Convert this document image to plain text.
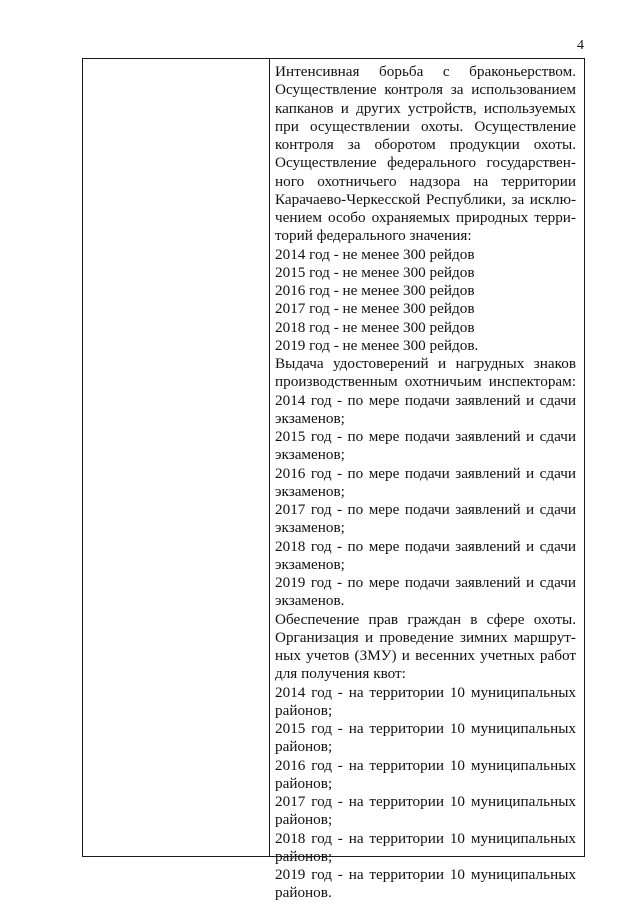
4
Интенсивная борьба с браконьерством.
Осуществление контроля за использованием
капканов и других устройств, используемых
при осуществлении охоты. Осуществление
контроля за оборотом продукции охоты.
Осуществление федерального государствен-
ного охотничьего надзора на территории
Карачаево-Черкесской Республики, за исклю-
чением особо охраняемых природных терри-
торий федерального значения:
2014 год - не менее 300 рейдов
2015 год - не менее 300 рейдов
2016 год - не менее 300 рейдов
2017 год - не менее 300 рейдов
2018 год - не менее 300 рейдов
2019 год - не менее 300 рейдов.
Выдача удостоверений и нагрудных знаков
производственным охотничьим инспекторам:
2014 год - по мере подачи заявлений и сдачи
экзаменов;
2015 год - по мере подачи заявлений и сдачи
экзаменов;
2016 год - по мере подачи заявлений и сдачи
экзаменов;
2017 год - по мере подачи заявлений и сдачи
экзаменов;
2018 год - по мере подачи заявлений и сдачи
экзаменов;
2019 год - по мере подачи заявлений и сдачи
экзаменов.
Обеспечение прав граждан в сфере охоты.
Организация и проведение зимних маршрут-
ных учетов (ЗМУ) и весенних учетных работ
для получения квот:
2014 год - на территории 10 муниципальных
районов;
2015 год - на территории 10 муниципальных
районов;
2016 год - на территории 10 муниципальных
районов;
2017 год - на территории 10 муниципальных
районов;
2018 год - на территории 10 муниципальных
районов;
2019 год - на территории 10 муниципальных
районов.
